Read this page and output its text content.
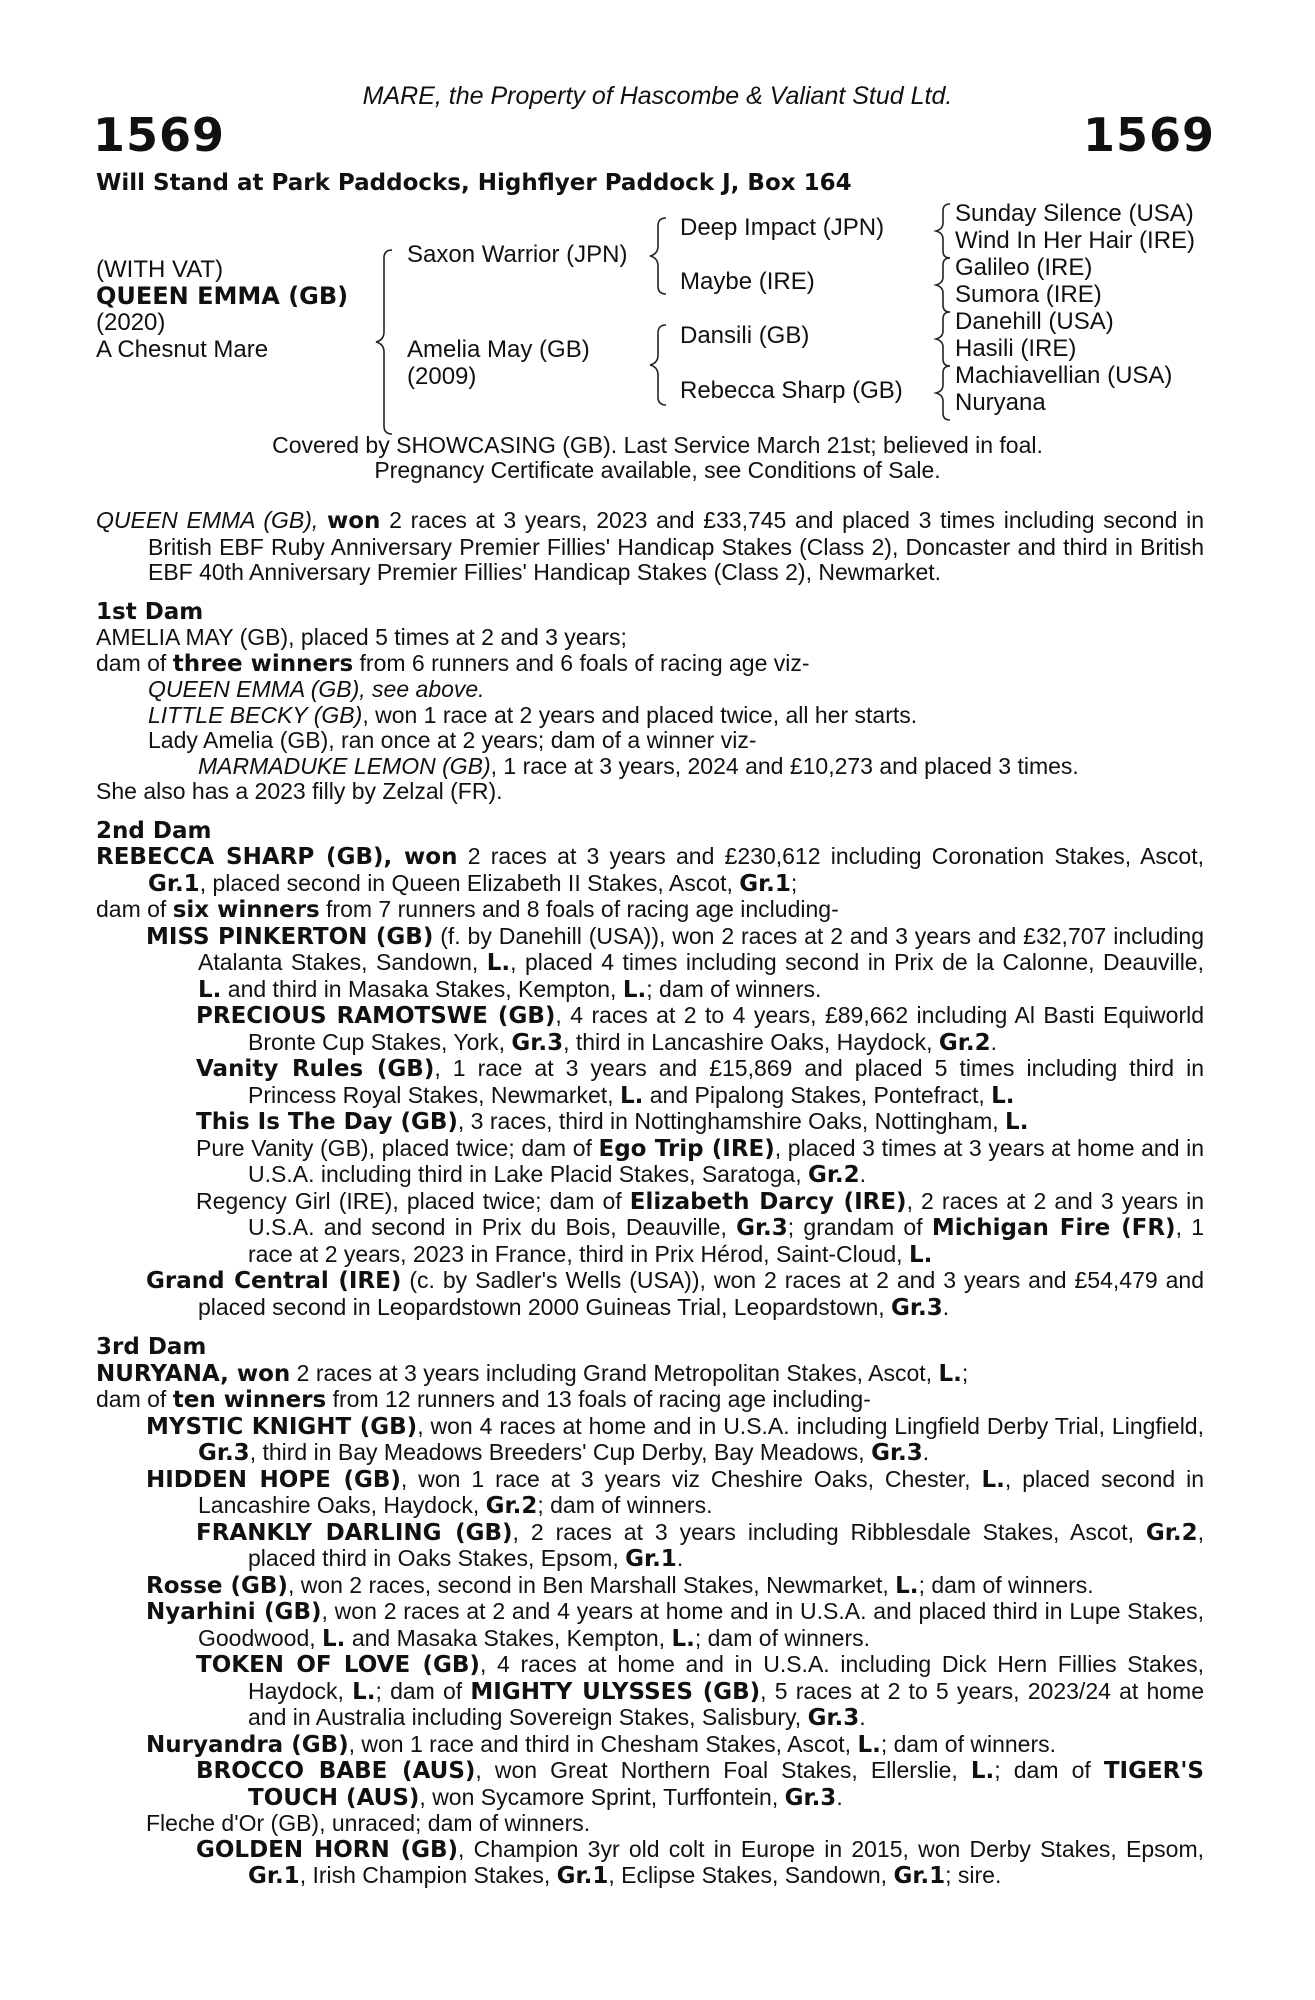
MARE, the Property of Hascombe & Valiant Stud Ltd.
1569	1569
Will Stand at Park Paddocks, Highflyer Paddock J, Box 164
(WITH VAT)
QUEEN EMMA (GB)
(2020)
A Chesnut Mare
Saxon Warrior (JPN)
Amelia May (GB)
(2009)
Deep Impact (JPN)
Maybe (IRE)
Dansili (GB)
Rebecca Sharp (GB)
Sunday Silence (USA)
Wind In Her Hair (IRE)
Galileo (IRE)
Sumora (IRE)
Danehill (USA)
Hasili (IRE)
Machiavellian (USA)
Nuryana
Covered by SHOWCASING (GB). Last Service March 21st; believed in foal.
Pregnancy Certificate available, see Conditions of Sale.

QUEEN EMMA (GB), won 2 races at 3 years, 2023 and £33,745 and placed 3 times including second in British EBF Ruby Anniversary Premier Fillies' Handicap Stakes (Class 2), Doncaster and third in British EBF 40th Anniversary Premier Fillies' Handicap Stakes (Class 2), Newmarket.

1st Dam

AMELIA MAY (GB), placed 5 times at 2 and 3 years;

dam of three winners from 6 runners and 6 foals of racing age viz-

QUEEN EMMA (GB), see above.

LITTLE BECKY (GB), won 1 race at 2 years and placed twice, all her starts.

Lady Amelia (GB), ran once at 2 years; dam of a winner viz-

MARMADUKE LEMON (GB), 1 race at 3 years, 2024 and £10,273 and placed 3 times.

She also has a 2023 filly by Zelzal (FR).

2nd Dam

REBECCA SHARP (GB), won 2 races at 3 years and £230,612 including Coronation Stakes, Ascot, Gr.1, placed second in Queen Elizabeth II Stakes, Ascot, Gr.1;

dam of six winners from 7 runners and 8 foals of racing age including-

MISS PINKERTON (GB) (f. by Danehill (USA)), won 2 races at 2 and 3 years and £32,707 including Atalanta Stakes, Sandown, L., placed 4 times including second in Prix de la Calonne, Deauville, L. and third in Masaka Stakes, Kempton, L.; dam of winners.

PRECIOUS RAMOTSWE (GB), 4 races at 2 to 4 years, £89,662 including Al Basti Equiworld Bronte Cup Stakes, York, Gr.3, third in Lancashire Oaks, Haydock, Gr.2.

Vanity Rules (GB), 1 race at 3 years and £15,869 and placed 5 times including third in Princess Royal Stakes, Newmarket, L. and Pipalong Stakes, Pontefract, L.

This Is The Day (GB), 3 races, third in Nottinghamshire Oaks, Nottingham, L.

Pure Vanity (GB), placed twice; dam of Ego Trip (IRE), placed 3 times at 3 years at home and in U.S.A. including third in Lake Placid Stakes, Saratoga, Gr.2.

Regency Girl (IRE), placed twice; dam of Elizabeth Darcy (IRE), 2 races at 2 and 3 years in U.S.A. and second in Prix du Bois, Deauville, Gr.3; grandam of Michigan Fire (FR), 1 race at 2 years, 2023 in France, third in Prix Hérod, Saint-Cloud, L.

Grand Central (IRE) (c. by Sadler's Wells (USA)), won 2 races at 2 and 3 years and £54,479 and placed second in Leopardstown 2000 Guineas Trial, Leopardstown, Gr.3.

3rd Dam

NURYANA, won 2 races at 3 years including Grand Metropolitan Stakes, Ascot, L.;

dam of ten winners from 12 runners and 13 foals of racing age including-

MYSTIC KNIGHT (GB), won 4 races at home and in U.S.A. including Lingfield Derby Trial, Lingfield, Gr.3, third in Bay Meadows Breeders' Cup Derby, Bay Meadows, Gr.3.

HIDDEN HOPE (GB), won 1 race at 3 years viz Cheshire Oaks, Chester, L., placed second in Lancashire Oaks, Haydock, Gr.2; dam of winners.

FRANKLY DARLING (GB), 2 races at 3 years including Ribblesdale Stakes, Ascot, Gr.2, placed third in Oaks Stakes, Epsom, Gr.1.

Rosse (GB), won 2 races, second in Ben Marshall Stakes, Newmarket, L.; dam of winners.

Nyarhini (GB), won 2 races at 2 and 4 years at home and in U.S.A. and placed third in Lupe Stakes, Goodwood, L. and Masaka Stakes, Kempton, L.; dam of winners.

TOKEN OF LOVE (GB), 4 races at home and in U.S.A. including Dick Hern Fillies Stakes, Haydock, L.; dam of MIGHTY ULYSSES (GB), 5 races at 2 to 5 years, 2023/24 at home and in Australia including Sovereign Stakes, Salisbury, Gr.3.

Nuryandra (GB), won 1 race and third in Chesham Stakes, Ascot, L.; dam of winners.

BROCCO BABE (AUS), won Great Northern Foal Stakes, Ellerslie, L.; dam of TIGER'S TOUCH (AUS), won Sycamore Sprint, Turffontein, Gr.3.

Fleche d'Or (GB), unraced; dam of winners.

GOLDEN HORN (GB), Champion 3yr old colt in Europe in 2015, won Derby Stakes, Epsom, Gr.1, Irish Champion Stakes, Gr.1, Eclipse Stakes, Sandown, Gr.1; sire.
